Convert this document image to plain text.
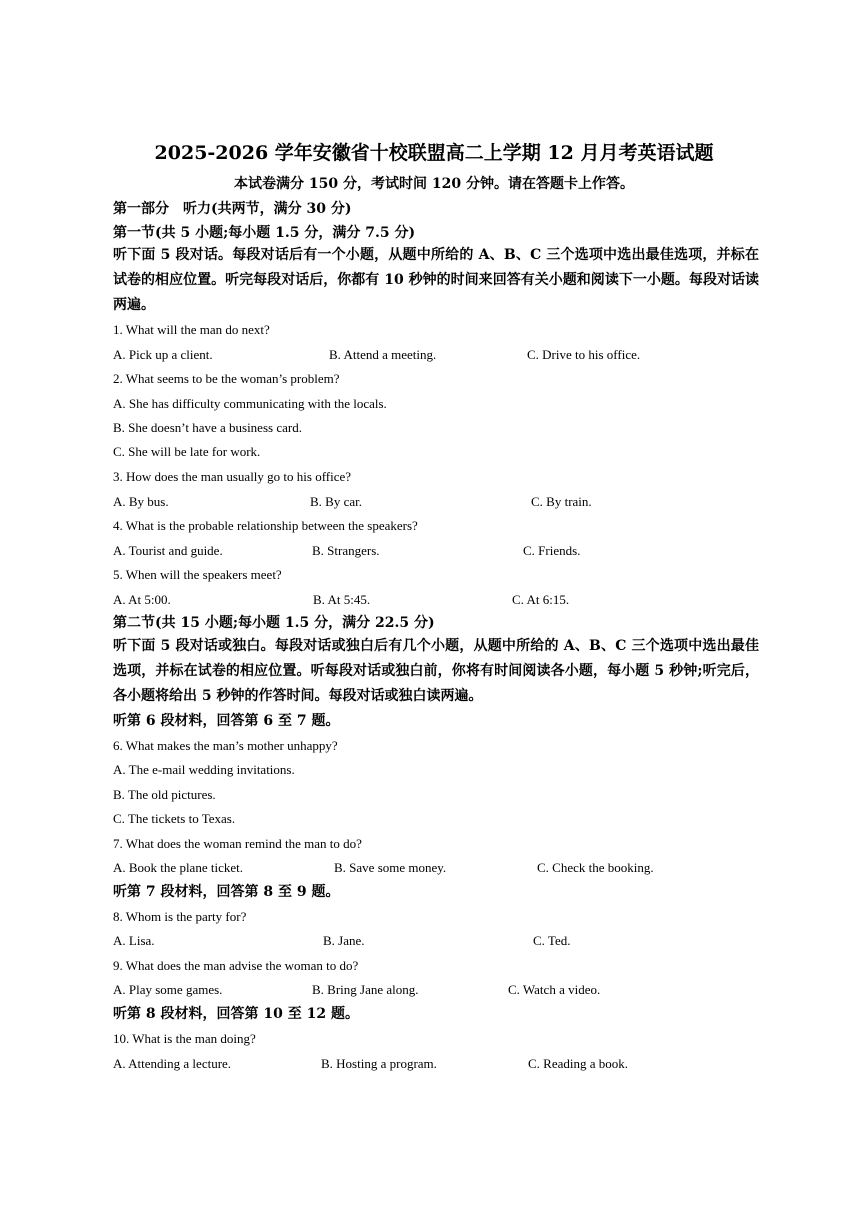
2025-2026 学年安徽省十校联盟高二上学期 12 月月考英语试题
本试卷满分 150 分，考试时间 120 分钟。请在答题卡上作答。
第一部分　听力(共两节，满分 30 分)
第一节(共 5 小题;每小题 1.5 分，满分 7.5 分)
听下面 5 段对话。每段对话后有一个小题，从题中所给的 A、B、C 三个选项中选出最佳选项，并标在试卷的相应位置。听完每段对话后，你都有 10 秒钟的时间来回答有关小题和阅读下一小题。每段对话读两遍。
1. What will the man do next?
A. Pick up a client.	B. Attend a meeting.	C. Drive to his office.
2. What seems to be the woman’s problem?
A. She has difficulty communicating with the locals.
B. She doesn’t have a business card.
C. She will be late for work.
3. How does the man usually go to his office?
A. By bus.	B. By car.	C. By train.
4. What is the probable relationship between the speakers?
A. Tourist and guide.	B. Strangers.	C. Friends.
5. When will the speakers meet?
A. At 5:00.	B. At 5:45.	C. At 6:15.
第二节(共 15 小题;每小题 1.5 分，满分 22.5 分)
听下面 5 段对话或独白。每段对话或独白后有几个小题，从题中所给的 A、B、C 三个选项中选出最佳选项，并标在试卷的相应位置。听每段对话或独白前，你将有时间阅读各小题，每小题 5 秒钟;听完后，各小题将给出 5 秒钟的作答时间。每段对话或独白读两遍。
听第 6 段材料，回答第 6 至 7 题。
6. What makes the man’s mother unhappy?
A. The e-mail wedding invitations.
B. The old pictures.
C. The tickets to Texas.
7. What does the woman remind the man to do?
A. Book the plane ticket.	B. Save some money.	C. Check the booking.
听第 7 段材料，回答第 8 至 9 题。
8. Whom is the party for?
A. Lisa.	B. Jane.	C. Ted.
9. What does the man advise the woman to do?
A. Play some games.	B. Bring Jane along.	C. Watch a video.
听第 8 段材料，回答第 10 至 12 题。
10. What is the man doing?
A. Attending a lecture.	B. Hosting a program.	C. Reading a book.
